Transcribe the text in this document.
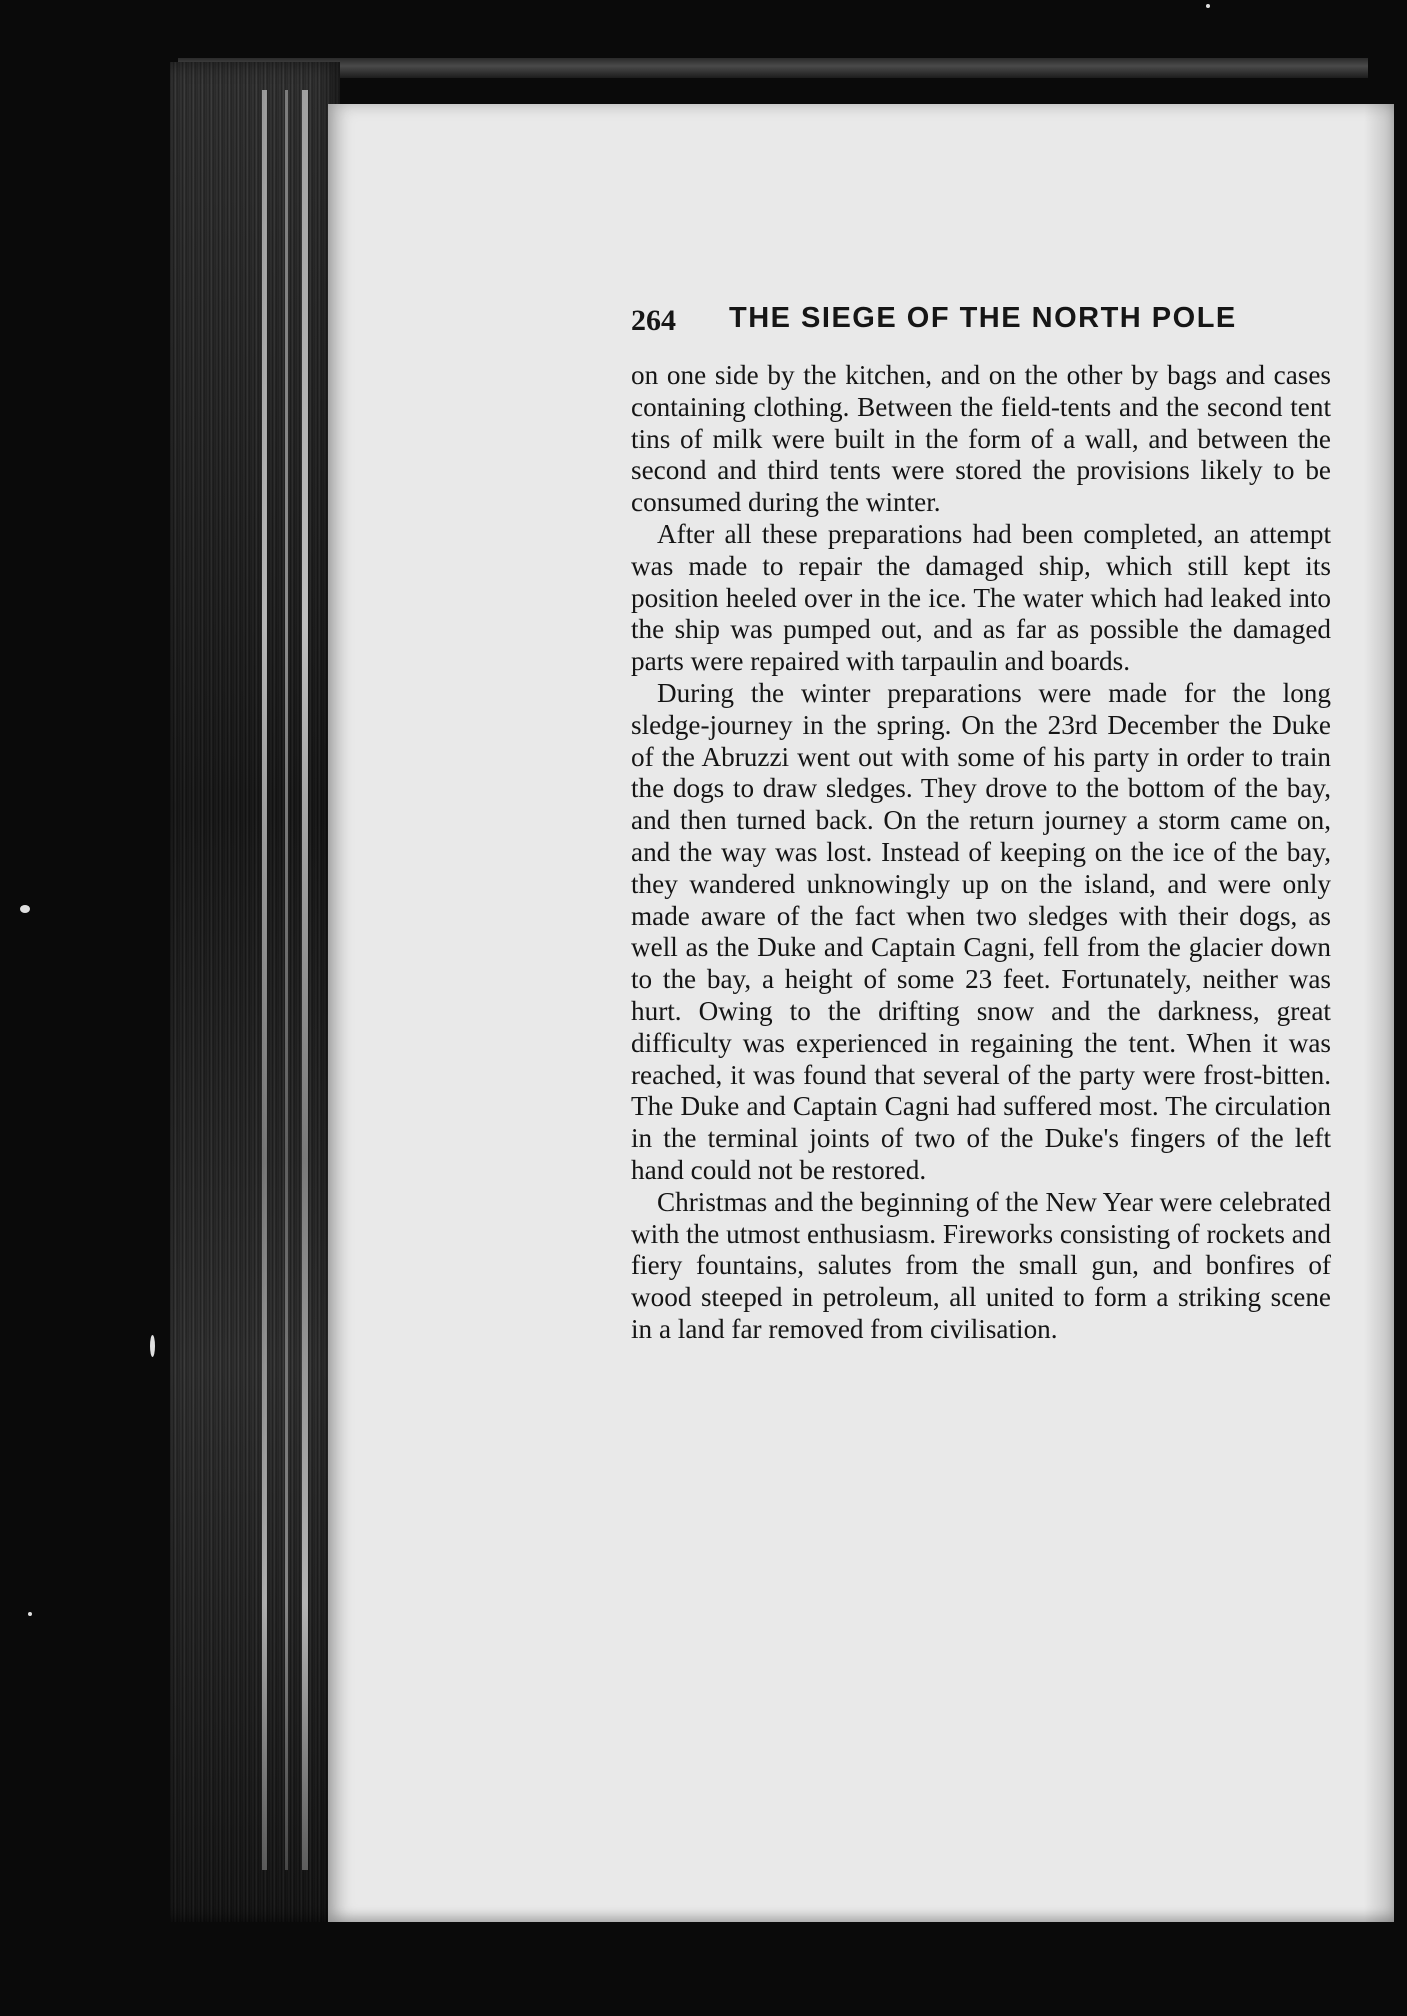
264 THE SIEGE OF THE NORTH POLE

on one side by the kitchen, and on the other by bags and cases containing clothing. Between the field-tents and the second tent tins of milk were built in the form of a wall, and between the second and third tents were stored the provisions likely to be consumed during the winter.

After all these preparations had been completed, an attempt was made to repair the damaged ship, which still kept its position heeled over in the ice. The water which had leaked into the ship was pumped out, and as far as possible the damaged parts were repaired with tarpaulin and boards.

During the winter preparations were made for the long sledge-journey in the spring. On the 23rd December the Duke of the Abruzzi went out with some of his party in order to train the dogs to draw sledges. They drove to the bottom of the bay, and then turned back. On the return journey a storm came on, and the way was lost. Instead of keeping on the ice of the bay, they wandered unknowingly up on the island, and were only made aware of the fact when two sledges with their dogs, as well as the Duke and Captain Cagni, fell from the glacier down to the bay, a height of some 23 feet. Fortunately, neither was hurt. Owing to the drifting snow and the darkness, great difficulty was experienced in regaining the tent. When it was reached, it was found that several of the party were frost-bitten. The Duke and Captain Cagni had suffered most. The circulation in the terminal joints of two of the Duke's fingers of the left hand could not be restored.

Christmas and the beginning of the New Year were celebrated with the utmost enthusiasm. Fireworks consisting of rockets and fiery fountains, salutes from the small gun, and bonfires of wood steeped in petroleum, all united to form a striking scene in a land far removed from civilisation.
